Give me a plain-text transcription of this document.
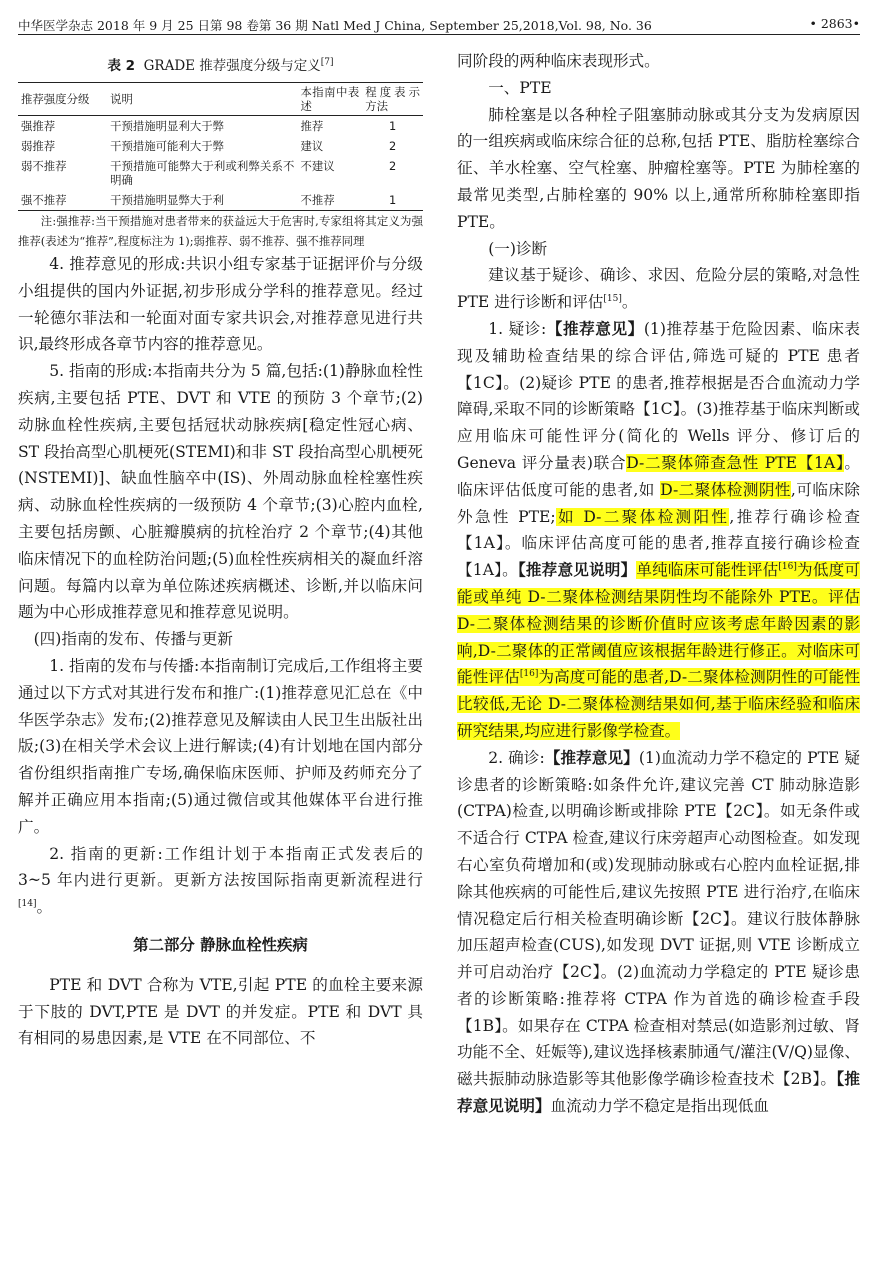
中华医学杂志 2018 年 9 月 25 日第 98 卷第 36 期 Natl Med J China, September 25,2018,Vol. 98, No. 36	• 2863•
表 2 GRADE 推荐强度分级与定义[7]
推荐强度分级	说明	本指南中表述	程度表示方法
强推荐	干预措施明显利大于弊	推荐	1
弱推荐	干预措施可能利大于弊	建议	2
弱不推荐	干预措施可能弊大于利或利弊关系不明确	不建议	2
强不推荐	干预措施明显弊大于利	不推荐	1

注:强推荐:当干预措施对患者带来的获益远大于危害时,专家组将其定义为强推荐(表述为“推荐”,程度标注为 1);弱推荐、弱不推荐、强不推荐同理

4. 推荐意见的形成:共识小组专家基于证据评价与分级小组提供的国内外证据,初步形成分学科的推荐意见。经过一轮德尔菲法和一轮面对面专家共识会,对推荐意见进行共识,最终形成各章节内容的推荐意见。

5. 指南的形成:本指南共分为 5 篇,包括:(1)静脉血栓性疾病,主要包括 PTE、DVT 和 VTE 的预防 3 个章节;(2)动脉血栓性疾病,主要包括冠状动脉疾病[稳定性冠心病、ST 段抬高型心肌梗死(STEMI)和非 ST 段抬高型心肌梗死(NSTEMI)]、缺血性脑卒中(IS)、外周动脉血栓栓塞性疾病、动脉血栓性疾病的一级预防 4 个章节;(3)心腔内血栓,主要包括房颤、心脏瓣膜病的抗栓治疗 2 个章节;(4)其他临床情况下的血栓防治问题;(5)血栓性疾病相关的凝血纤溶问题。每篇内以章为单位陈述疾病概述、诊断,并以临床问题为中心形成推荐意见和推荐意见说明。

(四)指南的发布、传播与更新

1. 指南的发布与传播:本指南制订完成后,工作组将主要通过以下方式对其进行发布和推广:(1)推荐意见汇总在《中华医学杂志》发布;(2)推荐意见及解读由人民卫生出版社出版;(3)在相关学术会议上进行解读;(4)有计划地在国内部分省份组织指南推广专场,确保临床医师、护师及药师充分了解并正确应用本指南;(5)通过微信或其他媒体平台进行推广。

2. 指南的更新:工作组计划于本指南正式发表后的 3~5 年内进行更新。更新方法按国际指南更新流程进行[14]。

第二部分 静脉血栓性疾病

PTE 和 DVT 合称为 VTE,引起 PTE 的血栓主要来源于下肢的 DVT,PTE 是 DVT 的并发症。PTE 和 DVT 具有相同的易患因素,是 VTE 在不同部位、不

同阶段的两种临床表现形式。

一、PTE

肺栓塞是以各种栓子阻塞肺动脉或其分支为发病原因的一组疾病或临床综合征的总称,包括 PTE、脂肪栓塞综合征、羊水栓塞、空气栓塞、肿瘤栓塞等。PTE 为肺栓塞的最常见类型,占肺栓塞的 90% 以上,通常所称肺栓塞即指 PTE。

(一)诊断

建议基于疑诊、确诊、求因、危险分层的策略,对急性 PTE 进行诊断和评估[15]。

1. 疑诊:【推荐意见】(1)推荐基于危险因素、临床表现及辅助检查结果的综合评估,筛选可疑的 PTE 患者【1C】。(2)疑诊 PTE 的患者,推荐根据是否合血流动力学障碍,采取不同的诊断策略【1C】。(3)推荐基于临床判断或应用临床可能性评分(简化的 Wells 评分、修订后的 Geneva 评分量表)联合D-二聚体筛查急性 PTE【1A】。临床评估低度可能的患者,如 D-二聚体检测阴性,可临床除外急性 PTE;如 D-二聚体检测阳性,推荐行确诊检查【1A】。临床评估高度可能的患者,推荐直接行确诊检查【1A】。【推荐意见说明】单纯临床可能性评估[16]为低度可能或单纯 D-二聚体检测结果阴性均不能除外 PTE。评估 D-二聚体检测结果的诊断价值时应该考虑年龄因素的影响,D-二聚体的正常阈值应该根据年龄进行修正。对临床可能性评估[16]为高度可能的患者,D-二聚体检测阴性的可能性比较低,无论 D-二聚体检测结果如何,基于临床经验和临床研究结果,均应进行影像学检查。

2. 确诊:【推荐意见】(1)血流动力学不稳定的 PTE 疑诊患者的诊断策略:如条件允许,建议完善 CT 肺动脉造影(CTPA)检查,以明确诊断或排除 PTE【2C】。如无条件或不适合行 CTPA 检查,建议行床旁超声心动图检查。如发现右心室负荷增加和(或)发现肺动脉或右心腔内血栓证据,排除其他疾病的可能性后,建议先按照 PTE 进行治疗,在临床情况稳定后行相关检查明确诊断【2C】。建议行肢体静脉加压超声检查(CUS),如发现 DVT 证据,则 VTE 诊断成立并可启动治疗【2C】。(2)血流动力学稳定的 PTE 疑诊患者的诊断策略:推荐将 CTPA 作为首选的确诊检查手段【1B】。如果存在 CTPA 检查相对禁忌(如造影剂过敏、肾功能不全、妊娠等),建议选择核素肺通气/灌注(V/Q)显像、磁共振肺动脉造影等其他影像学确诊检查技术【2B】。【推荐意见说明】血流动力学不稳定是指出现低血
